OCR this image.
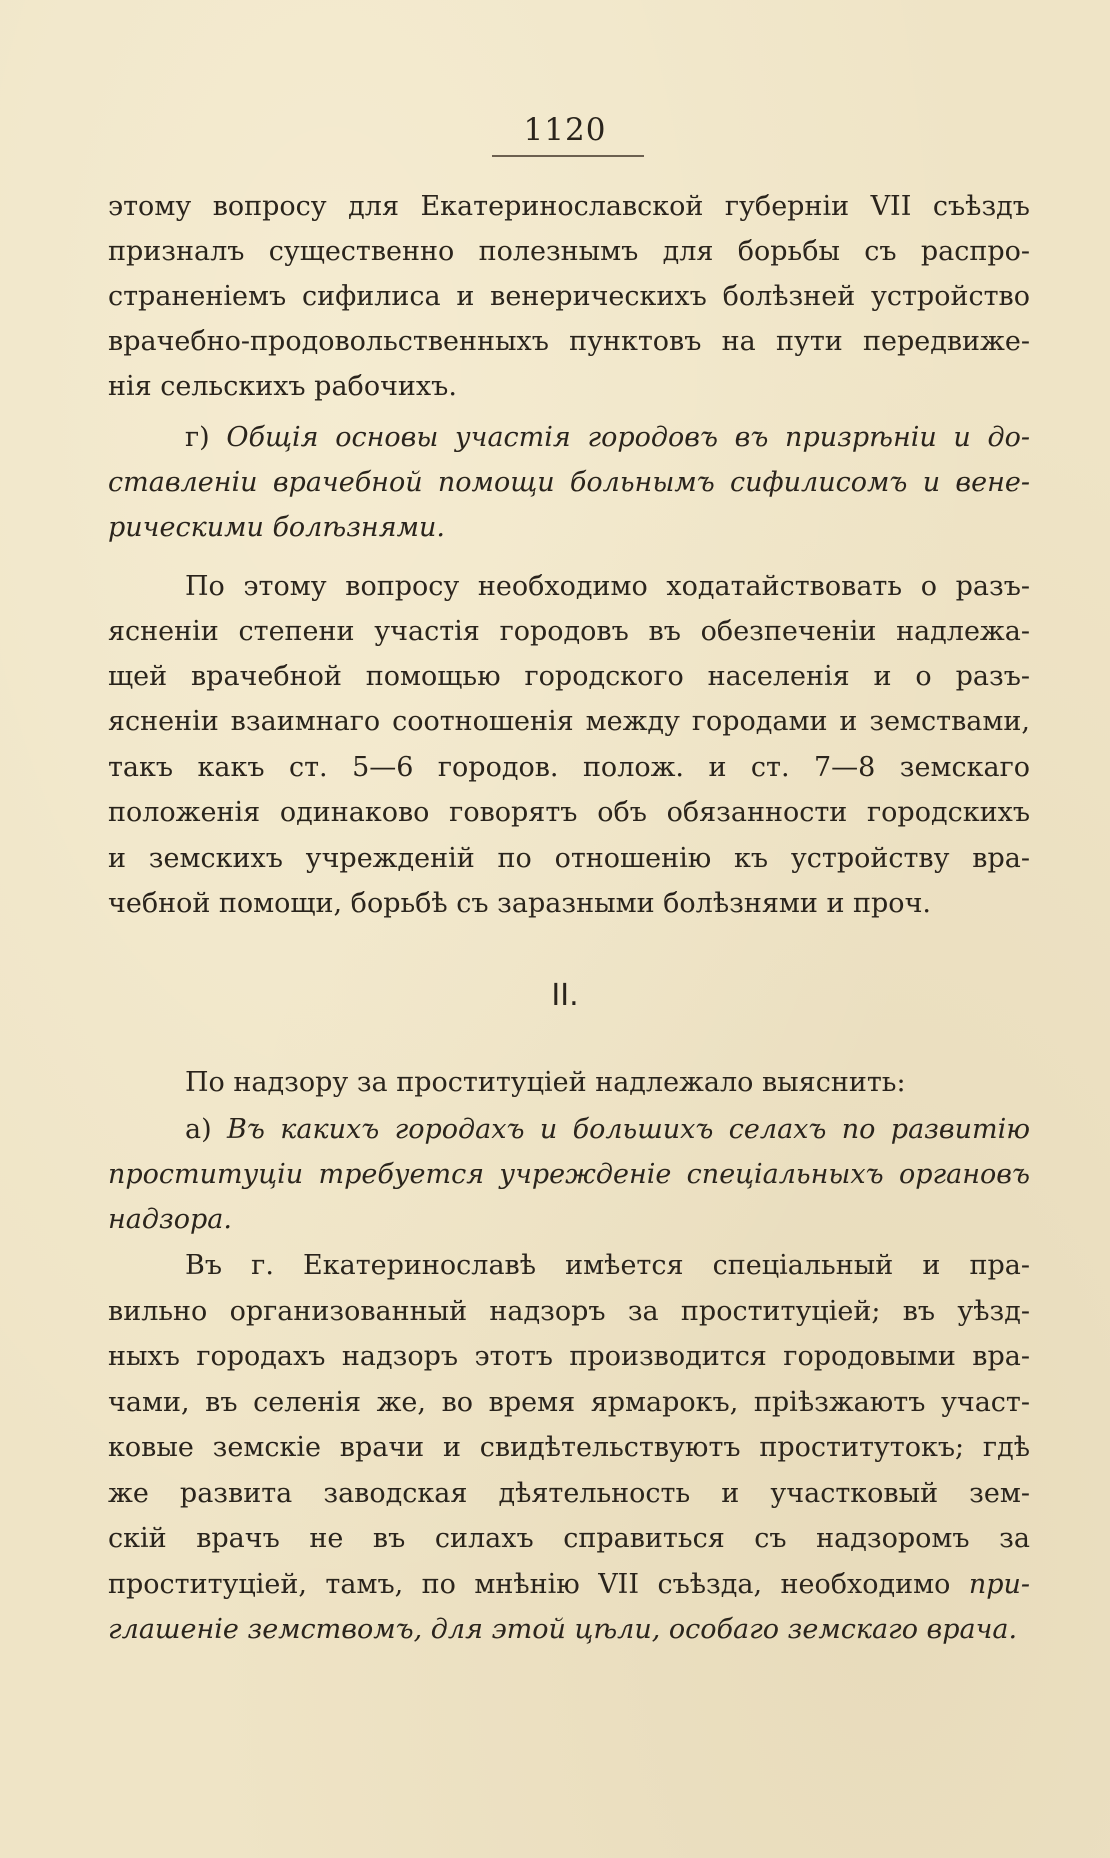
1120
этому вопросу для Екатеринославской губерніи VII съѣздъ
призналъ существенно полезнымъ для борьбы съ распро-
страненіемъ сифилиса и венерическихъ болѣзней устройство
врачебно-продовольственныхъ пунктовъ на пути передвиже-
нія сельскихъ рабочихъ.
г) Общія основы участія городовъ въ призрѣніи и до-
ставленіи врачебной помощи больнымъ сифилисомъ и вене-
рическими болѣзнями.
По этому вопросу необходимо ходатайствовать о разъ-
ясненіи степени участія городовъ въ обезпеченіи надлежа-
щей врачебной помощью городского населенія и о разъ-
ясненіи взаимнаго соотношенія между городами и земствами,
такъ какъ ст. 5—6 городов. полож. и ст. 7—8 земскаго
положенія одинаково говорятъ объ обязанности городскихъ
и земскихъ учрежденій по отношенію къ устройству вра-
чебной помощи, борьбѣ съ заразными болѣзнями и проч.
II.
По надзору за проституціей надлежало выяснить:
а) Въ какихъ городахъ и большихъ селахъ по развитію
проституціи требуется учрежденіе спеціальныхъ органовъ
надзора.
Въ г. Екатеринославѣ имѣется спеціальный и пра-
вильно организованный надзоръ за проституціей; въ уѣзд-
ныхъ городахъ надзоръ этотъ производится городовыми вра-
чами, въ селенія же, во время ярмарокъ, пріѣзжаютъ участ-
ковые земскіе врачи и свидѣтельствуютъ проститутокъ; гдѣ
же развита заводская дѣятельность и участковый зем-
скій врачъ не въ силахъ справиться съ надзоромъ за
проституціей, тамъ, по мнѣнію VII съѣзда, необходимо при-
глашеніе земствомъ, для этой цѣли, особаго земскаго врача.
